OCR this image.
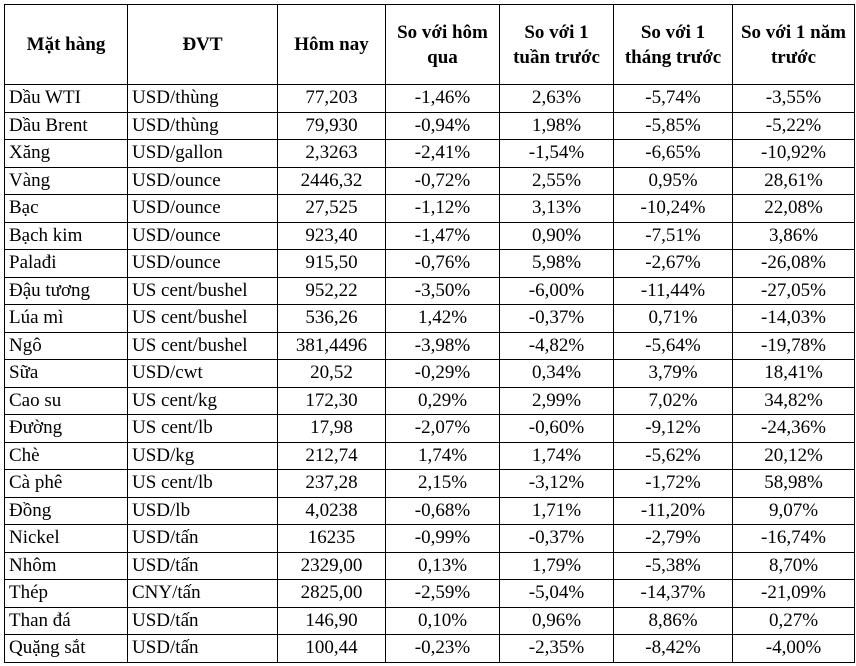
Mặt hàng	ĐVT	Hôm nay	So với hôm qua	So với 1 tuần trước	So với 1 tháng trước	So với 1 năm trước
Dầu WTI	USD/thùng	77,203	-1,46%	2,63%	-5,74%	-3,55%
Dầu Brent	USD/thùng	79,930	-0,94%	1,98%	-5,85%	-5,22%
Xăng	USD/gallon	2,3263	-2,41%	-1,54%	-6,65%	-10,92%
Vàng	USD/ounce	2446,32	-0,72%	2,55%	0,95%	28,61%
Bạc	USD/ounce	27,525	-1,12%	3,13%	-10,24%	22,08%
Bạch kim	USD/ounce	923,40	-1,47%	0,90%	-7,51%	3,86%
Palađi	USD/ounce	915,50	-0,76%	5,98%	-2,67%	-26,08%
Đậu tương	US cent/bushel	952,22	-3,50%	-6,00%	-11,44%	-27,05%
Lúa mì	US cent/bushel	536,26	1,42%	-0,37%	0,71%	-14,03%
Ngô	US cent/bushel	381,4496	-3,98%	-4,82%	-5,64%	-19,78%
Sữa	USD/cwt	20,52	-0,29%	0,34%	3,79%	18,41%
Cao su	US cent/kg	172,30	0,29%	2,99%	7,02%	34,82%
Đường	US cent/lb	17,98	-2,07%	-0,60%	-9,12%	-24,36%
Chè	USD/kg	212,74	1,74%	1,74%	-5,62%	20,12%
Cà phê	US cent/lb	237,28	2,15%	-3,12%	-1,72%	58,98%
Đồng	USD/lb	4,0238	-0,68%	1,71%	-11,20%	9,07%
Nickel	USD/tấn	16235	-0,99%	-0,37%	-2,79%	-16,74%
Nhôm	USD/tấn	2329,00	0,13%	1,79%	-5,38%	8,70%
Thép	CNY/tấn	2825,00	-2,59%	-5,04%	-14,37%	-21,09%
Than đá	USD/tấn	146,90	0,10%	0,96%	8,86%	0,27%
Quặng sắt	USD/tấn	100,44	-0,23%	-2,35%	-8,42%	-4,00%
